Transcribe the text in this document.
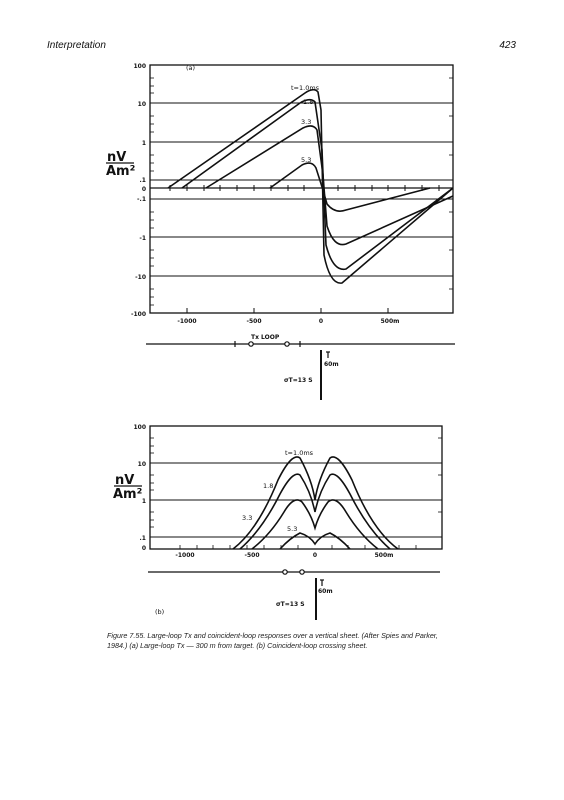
Interpretation	423
(a)
100
10
1
.1
0
-.1
-1
-10
-100
-1000	-500	0	500m
t=1.0ms
1.8
3.3
5.3
nV
Am²
Tx LOOP
60m
σT=13 S
100
10
1
.1
0
-1000	-500	0	500m
t=1.0ms
1.8
3.3
5.3
nV
Am²
60m
σT=13 S
(b)
Figure 7.55. Large-loop Tx and coincident-loop responses over a vertical sheet. (After Spies and Parker, 1984.) (a) Large-loop Tx — 300 m from target. (b) Coincident-loop crossing sheet.
